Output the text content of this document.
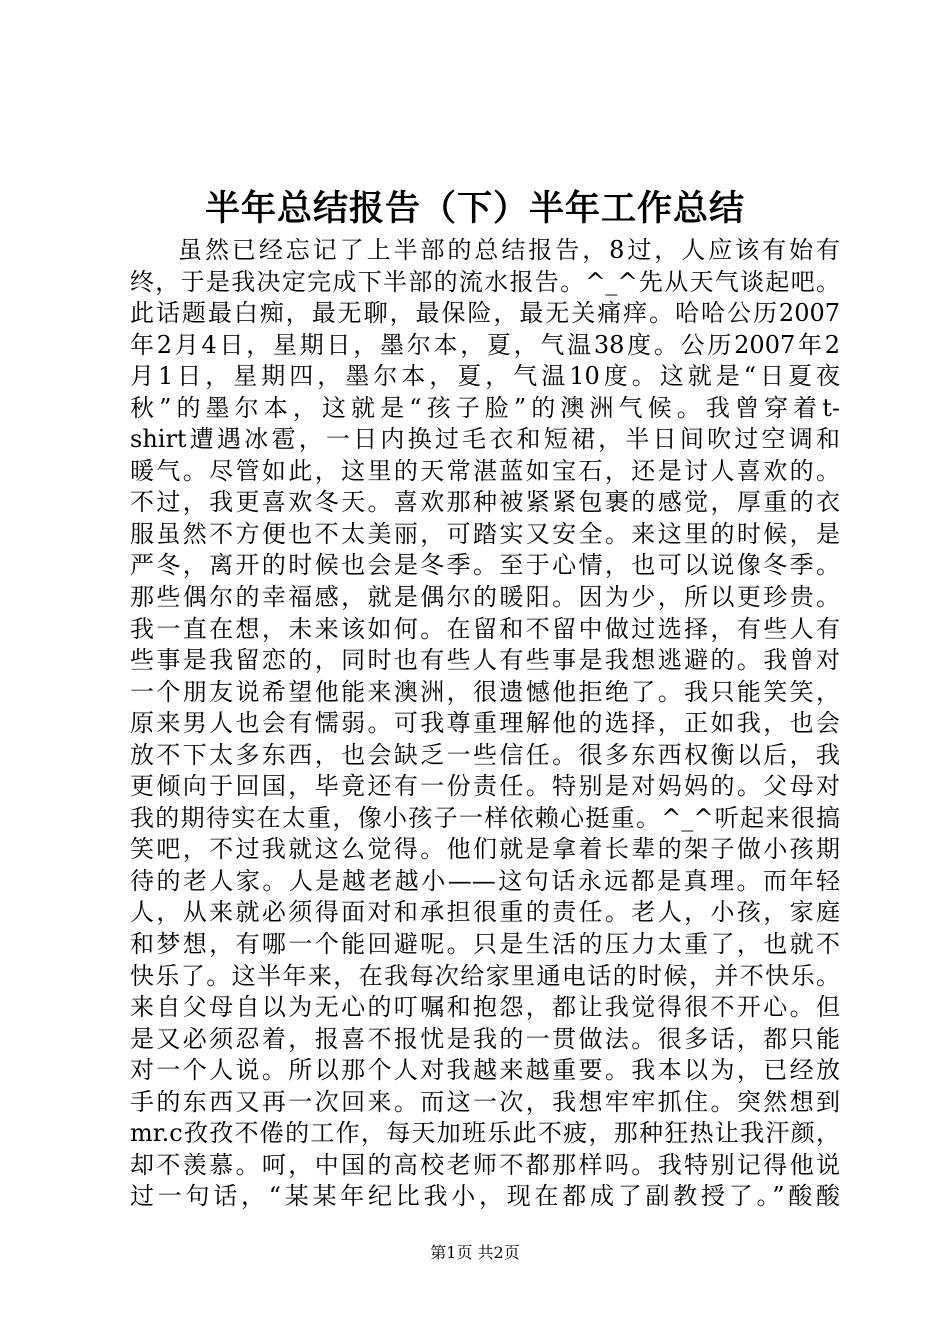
半年总结报告（下）半年工作总结
虽然已经忘记了上半部的总结报告，8过，人应该有始有
终，于是我决定完成下半部的流水报告。^_^先从天气谈起吧。
此话题最白痴，最无聊，最保险，最无关痛痒。哈哈公历2007
年2月4日，星期日，墨尔本，夏，气温38度。公历2007年2
月1日，星期四，墨尔本，夏，气温10度。这就是“日夏夜
秋”的墨尔本，这就是“孩子脸”的澳洲气候。我曾穿着t-
shirt遭遇冰雹，一日内换过毛衣和短裙，半日间吹过空调和
暖气。尽管如此，这里的天常湛蓝如宝石，还是讨人喜欢的。
不过，我更喜欢冬天。喜欢那种被紧紧包裹的感觉，厚重的衣
服虽然不方便也不太美丽，可踏实又安全。来这里的时候，是
严冬，离开的时候也会是冬季。至于心情，也可以说像冬季。
那些偶尔的幸福感，就是偶尔的暖阳。因为少，所以更珍贵。
我一直在想，未来该如何。在留和不留中做过选择，有些人有
些事是我留恋的，同时也有些人有些事是我想逃避的。我曾对
一个朋友说希望他能来澳洲，很遗憾他拒绝了。我只能笑笑，
原来男人也会有懦弱。可我尊重理解他的选择，正如我，也会
放不下太多东西，也会缺乏一些信任。很多东西权衡以后，我
更倾向于回国，毕竟还有一份责任。特别是对妈妈的。父母对
我的期待实在太重，像小孩子一样依赖心挺重。^_^听起来很搞
笑吧，不过我就这么觉得。他们就是拿着长辈的架子做小孩期
待的老人家。人是越老越小——这句话永远都是真理。而年轻
人，从来就必须得面对和承担很重的责任。老人，小孩，家庭
和梦想，有哪一个能回避呢。只是生活的压力太重了，也就不
快乐了。这半年来，在我每次给家里通电话的时候，并不快乐。
来自父母自以为无心的叮嘱和抱怨，都让我觉得很不开心。但
是又必须忍着，报喜不报忧是我的一贯做法。很多话，都只能
对一个人说。所以那个人对我越来越重要。我本以为，已经放
手的东西又再一次回来。而这一次，我想牢牢抓住。突然想到
mr.c孜孜不倦的工作，每天加班乐此不疲，那种狂热让我汗颜，
却不羡慕。呵，中国的高校老师不都那样吗。我特别记得他说
过一句话，“某某年纪比我小，现在都成了副教授了。”酸酸
第1页 共2页
